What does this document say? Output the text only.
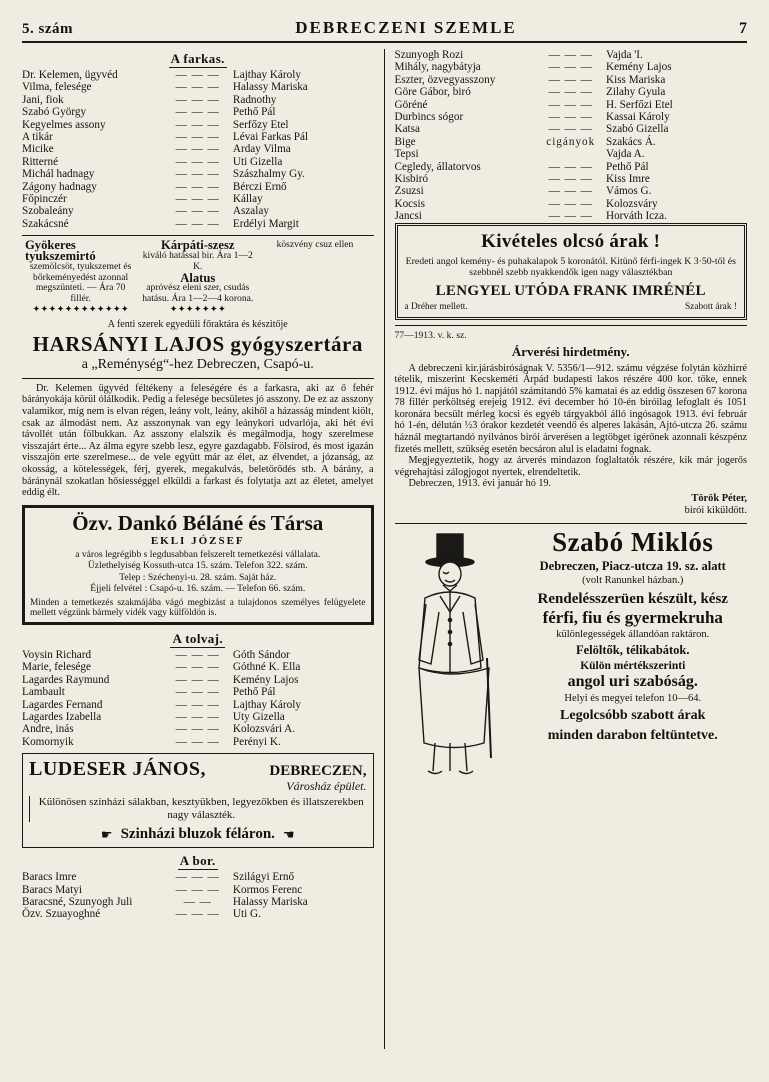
5. szám	DEBRECZENI SZEMLE	7
A farkas.
Dr. Kelemen, ügyvéd	— — —	Lajthay Károly
Vilma, felesége	— — —	Halassy Mariska
Jani, fiok	— — —	Radnothy
Szabó György	— — —	Pethő Pál
Kegyelmes assony	— — —	Serfőzy Etel
A tikár	— — —	Lévai Farkas Pál
Micike	— — —	Arday Vilma
Ritterné	— — —	Uti Gizella
Michál hadnagy	— — —	Szászhalmy Gy.
Zágony hadnagy	— — —	Bérczi Ernő
Főpinczér	— — —	Kállay
Szobaleány	— — —	Aszalay
Szakácsné	— — —	Erdélyi Margit
Gyökeres tyukszemirtó
szemölcsöt, tyukszemet és bőrkeményedést azonnal megszünteti. — Ára 70 fillér. ✦✦✦✦✦✦✦✦✦✦✦✦
Kárpáti-szesz
kiváló hatással bir. Ára 1—2 K.
Alatus
apróvész eleni szer, csudás hatásu. Ára 1—2—4 korona. ✦✦✦✦✦✦✦
köszvény csuz ellen
A fenti szerek egyedüli főraktára és készitője
HARSÁNYI LAJOS gyógyszertára
a „Reménység“-hez Debreczen, Csapó-u.

Dr. Kelemen ügyvéd féltékeny a feleségére és a farkasra, aki az ő fehér bárányokája körül ólálkodik. Pedig a felesége becsületes jó asszony. De ez az asszony valamikor, míg nem is elvan régen, leány volt, leány, akihől a házasság mindent kiölt, csak az álmodást nem. Az asszonynak van egy leánykori udvarlója, aki hét évi távollét után fölbukkan. Az asszony elalszik és megálmodja, hogy szerelmese visszajárt érte... Az álma egyre szebb lesz, egyre gazdagabb. Fölsírod, és most igazán visszajön erte szerelmese... de vele együtt már az élet, az élvendet, a józanság, az okosság, a kötelességek, férj, gyerek, megakulvás, beletörődés stb. A bárány, a báránynál szokatlan hősiességgel elküldi a farkast és folytatja azt az életet, amelyet eddig élt.

Özv. Dankó Béláné és Társa
EKLI JÓZSEF
a város legrégibb s legdusabban felszerelt temetkezési vállalata.
Üzlethelyiség Kossuth-utca 15. szám. Telefon 322. szám.
Telep : Széchenyi-u. 28. szám. Saját ház.
Éjjeli felvétel : Csapó-u. 16. szám. — Telefon 66. szám.
Minden a temetkezés szakmájába vágó megbizást a tulajdonos személyes felügyelete mellett végzünk bármely vidék vagy külföldön is.
A tolvaj.
Voysin Richard	— — —	Góth Sándor
Marie, felesége	— — —	Góthné K. Ella
Lagardes Raymund	— — —	Kemény Lajos
Lambault	— — —	Pethő Pál
Lagardes Fernand	— — —	Lajthay Károly
Lagardes Izabella	— — —	Uty Gizella
Andre, inás	— — —	Kolozsvári A.
Komornyik	— — —	Perényi K.
LUDESER JÁNOS,	DEBRECZEN,
Városház épület.
Különösen szinházi sálakban, kesztyükben, legyezőkben és illatszerekben nagy választék.
☛ Szinházi bluzok féláron. ☚
A bor.
Baracs Imre	— — —	Szilágyi Ernő
Baracs Matyi	— — —	Kormos Ferenc
Baracsné, Szunyogh Juli	— —	Halassy Mariska
Özv. Szuayoghné	— — —	Uti G.
Szunyogh Rozi	— — —	Vajda 'I.
Mihály, nagybátyja	— — —	Kemény Lajos
Eszter, özvegyasszony	— — —	Kiss Mariska
Göre Gábor, biró	— — —	Zilahy Gyula
Göréné	— — —	H. Serfőzi Etel
Durbincs sógor	— — —	Kassai Károly
Katsa	— — —	Szabó Gizella
Bige	cigányok	Szakács Á.
Tepsi		Vajda A.
Cegledy, állatorvos	— — —	Pethő Pál
Kisbiró	— — —	Kiss Imre
Zsuzsi	— — —	Vámos G.
Kocsis	— — —	Kolozsváry
Jancsi	— — —	Horváth Icza.
Kivételes olcsó árak !
Eredeti angol kemény- és puhakalapok 5 koronától. Kitünő férfi-ingek K 3·50-től és szebbnél szebb nyakkendők igen nagy választékban
LENGYEL UTÓDA FRANK IMRÉNÉL
a Dréher mellett.	Szabott árak !
77—1913. v. k. sz.
Árverési hirdetmény.

A debreczeni kir.járásbiróságnak V. 5356/1—912. számu végzése folytán közhirré tételik, miszerint Kecskeméti Árpád budapesti lakos részére 400 kor. töke, ennek 1912. évi május hó 1. napjától számitandó 5% kamatai és az eddig összesen 67 korona 78 fillér perköltség erejeig 1912. évi december hó 10-én biróilag lefoglalt és 1051 koronára becsült mérleg kocsi és egyéb tárgyakból álló ingósagok 1913. évi február hó 1-én, délután ½3 órakor kezdetét veendő és alperes lakásán, Ajtó-utcza 26. számu háznál megtartandó nyilvános birói árverésen a legtöbget igérőnek azonnali készpénz fizetés mellett, szükség esetén becsáron alul is eladatni fognak.

Megjegyeztetik, hogy az árverés mindazon foglaltatók részére, kik már jogerős végrehajtási zálogjogot nyertek, elrendeltetik.

Debreczen, 1913. évi január hó 19.

Török Péter,
birói kiküldött.
Szabó Miklós
Debreczen, Piacz-utcza 19. sz. alatt
(volt Ranunkel házban.)
Rendelésszerüen készült, kész
férfi, fiu és gyermekruha
különlegességek állandóan raktáron.
Felöltők, télikabátok.
Külön mértékszerinti
angol uri szabóság.
Helyi és megyei telefon 10—64.
Legolcsóbb szabott árak
minden darabon feltüntetve.
